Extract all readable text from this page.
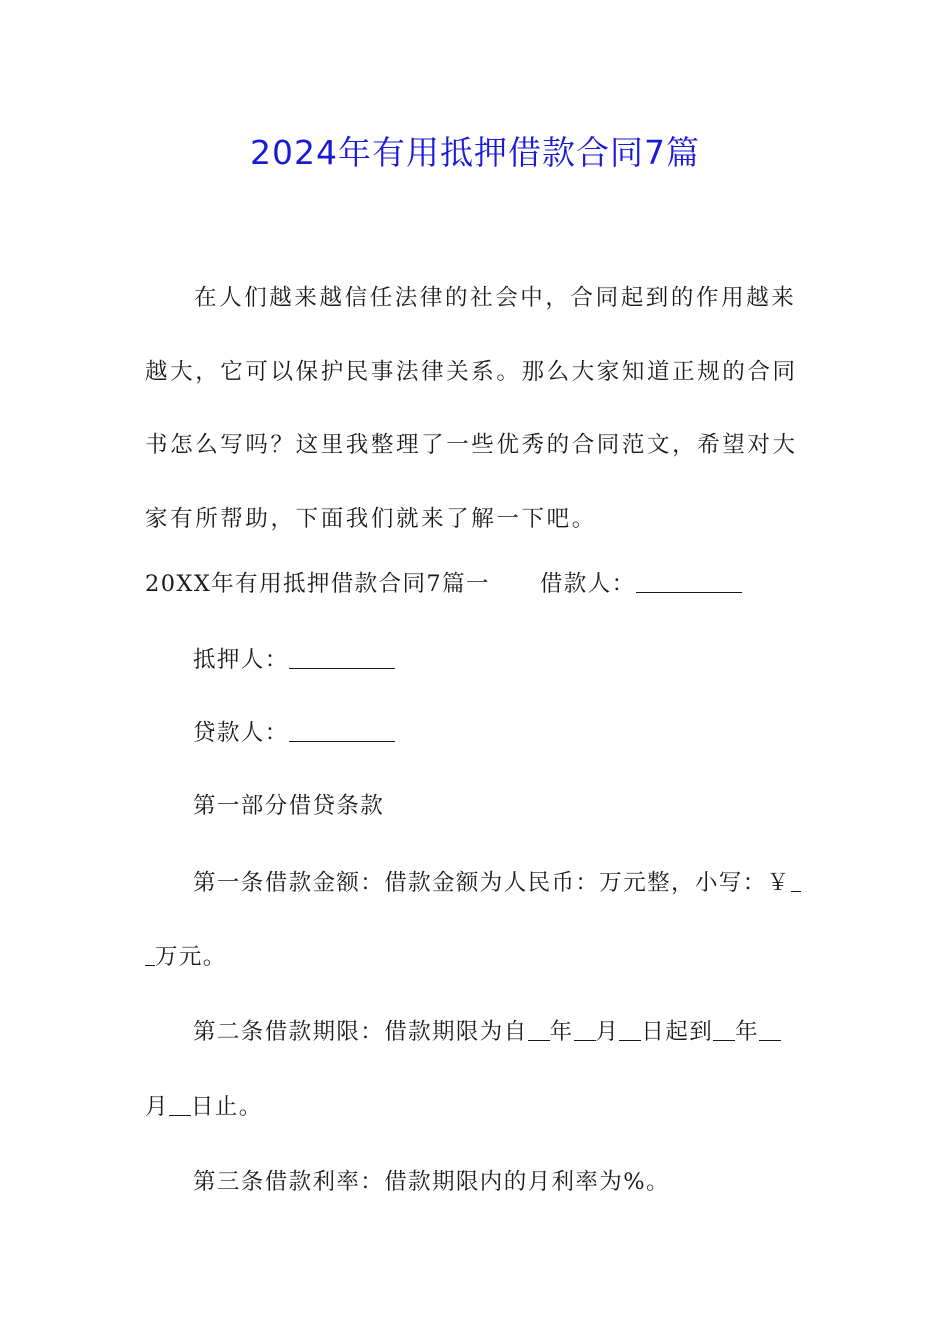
2024年有用抵押借款合同7篇

在人们越来越信任法律的社会中，合同起到的作用越来越大，它可以保护民事法律关系。那么大家知道正规的合同书怎么写吗？这里我整理了一些优秀的合同范文，希望对大家有所帮助，下面我们就来了解一下吧。

20XX年有用抵押借款合同7篇一 借款人：
抵押人：
贷款人：
第一部分借贷条款
第一条借款金额：借款金额为人民币：万元整，小写：￥
万元。
第二条借款期限：借款期限为自 年 月 日起到 年
月 日止。
第三条借款利率：借款期限内的月利率为%。
